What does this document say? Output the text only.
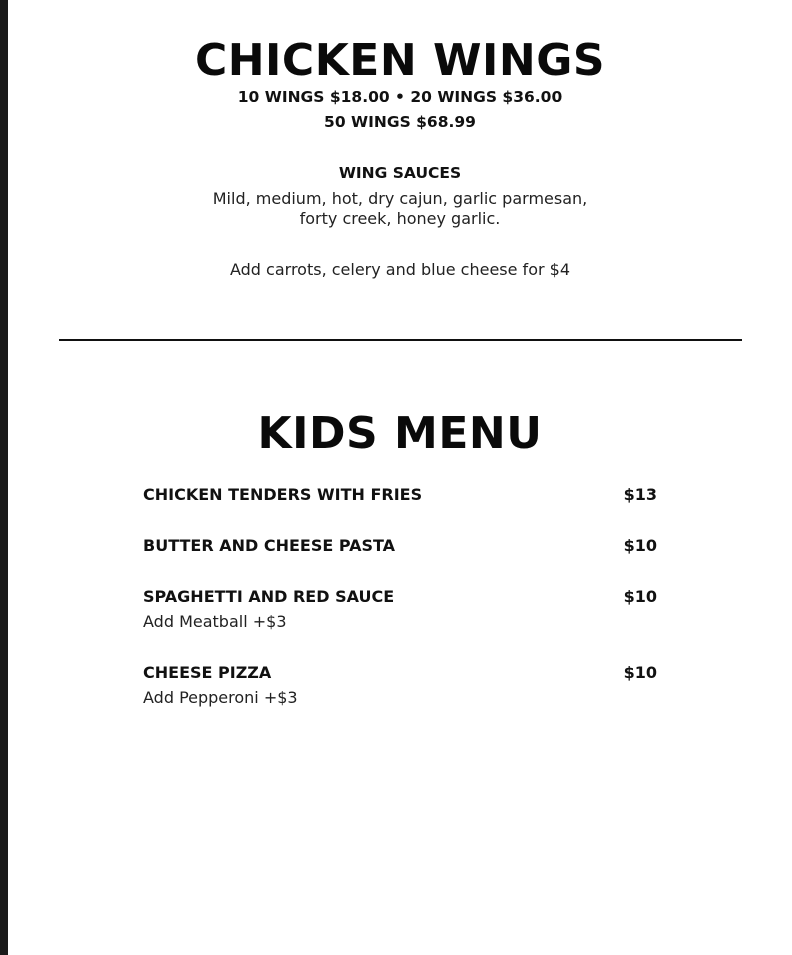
CHICKEN WINGS
10 WINGS $18.00 • 20 WINGS $36.00
50 WINGS $68.99
WING SAUCES
Mild, medium, hot, dry cajun, garlic parmesan,
forty creek, honey garlic.
Add carrots, celery and blue cheese for $4
KIDS MENU
CHICKEN TENDERS WITH FRIES	$13
BUTTER AND CHEESE PASTA	$10
SPAGHETTI AND RED SAUCE	$10
Add Meatball +$3
CHEESE PIZZA	$10
Add Pepperoni +$3
